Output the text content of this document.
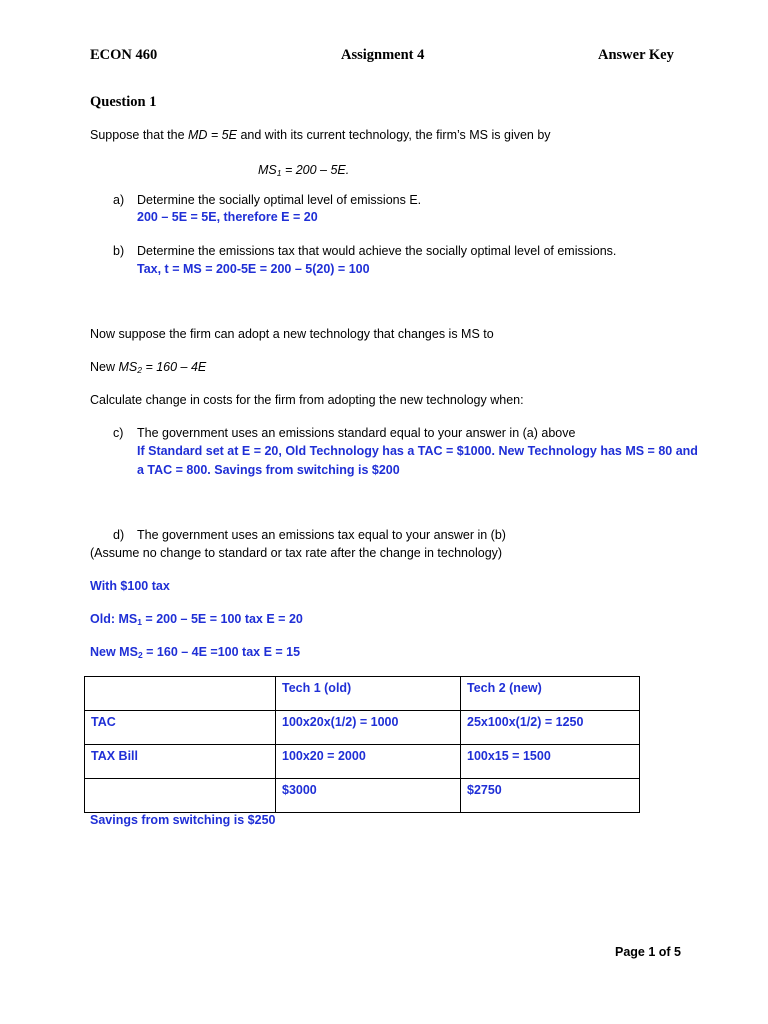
ECON 460	Assignment 4	Answer Key
Question 1
Suppose that the MD = 5E and with its current technology, the firm’s MS is given by
$MS_1 = 200 - 5E$.
a) Determine the socially optimal level of emissions E.
200 – 5E = 5E, therefore E = 20
b) Determine the emissions tax that would achieve the socially optimal level of emissions.
Tax, t = MS = 200-5E = 200 – 5(20) = 100
Now suppose the firm can adopt a new technology that changes is MS to
New $MS_2 = 160 - 4E$
Calculate change in costs for the firm from adopting the new technology when:
c) The government uses an emissions standard equal to your answer in (a) above
If Standard set at E = 20, Old Technology has a TAC = $1000. New Technology has MS = 80 and
a TAC = 800. Savings from switching is $200
d) The government uses an emissions tax equal to your answer in (b)
(Assume no change to standard or tax rate after the change in technology)
With $100 tax
Old: $MS_1 = 200 - 5E = 100$ tax E = 20
New $MS_2 = 160 - 4E =100$ tax E = 15
	Tech 1 (old)	Tech 2 (new)
TAC	100x20x(1/2) = 1000	25x100x(1/2) = 1250
TAX Bill	100x20 = 2000	100x15 = 1500
	$3000	$2750
Savings from switching is $250
Page 1 of 5
